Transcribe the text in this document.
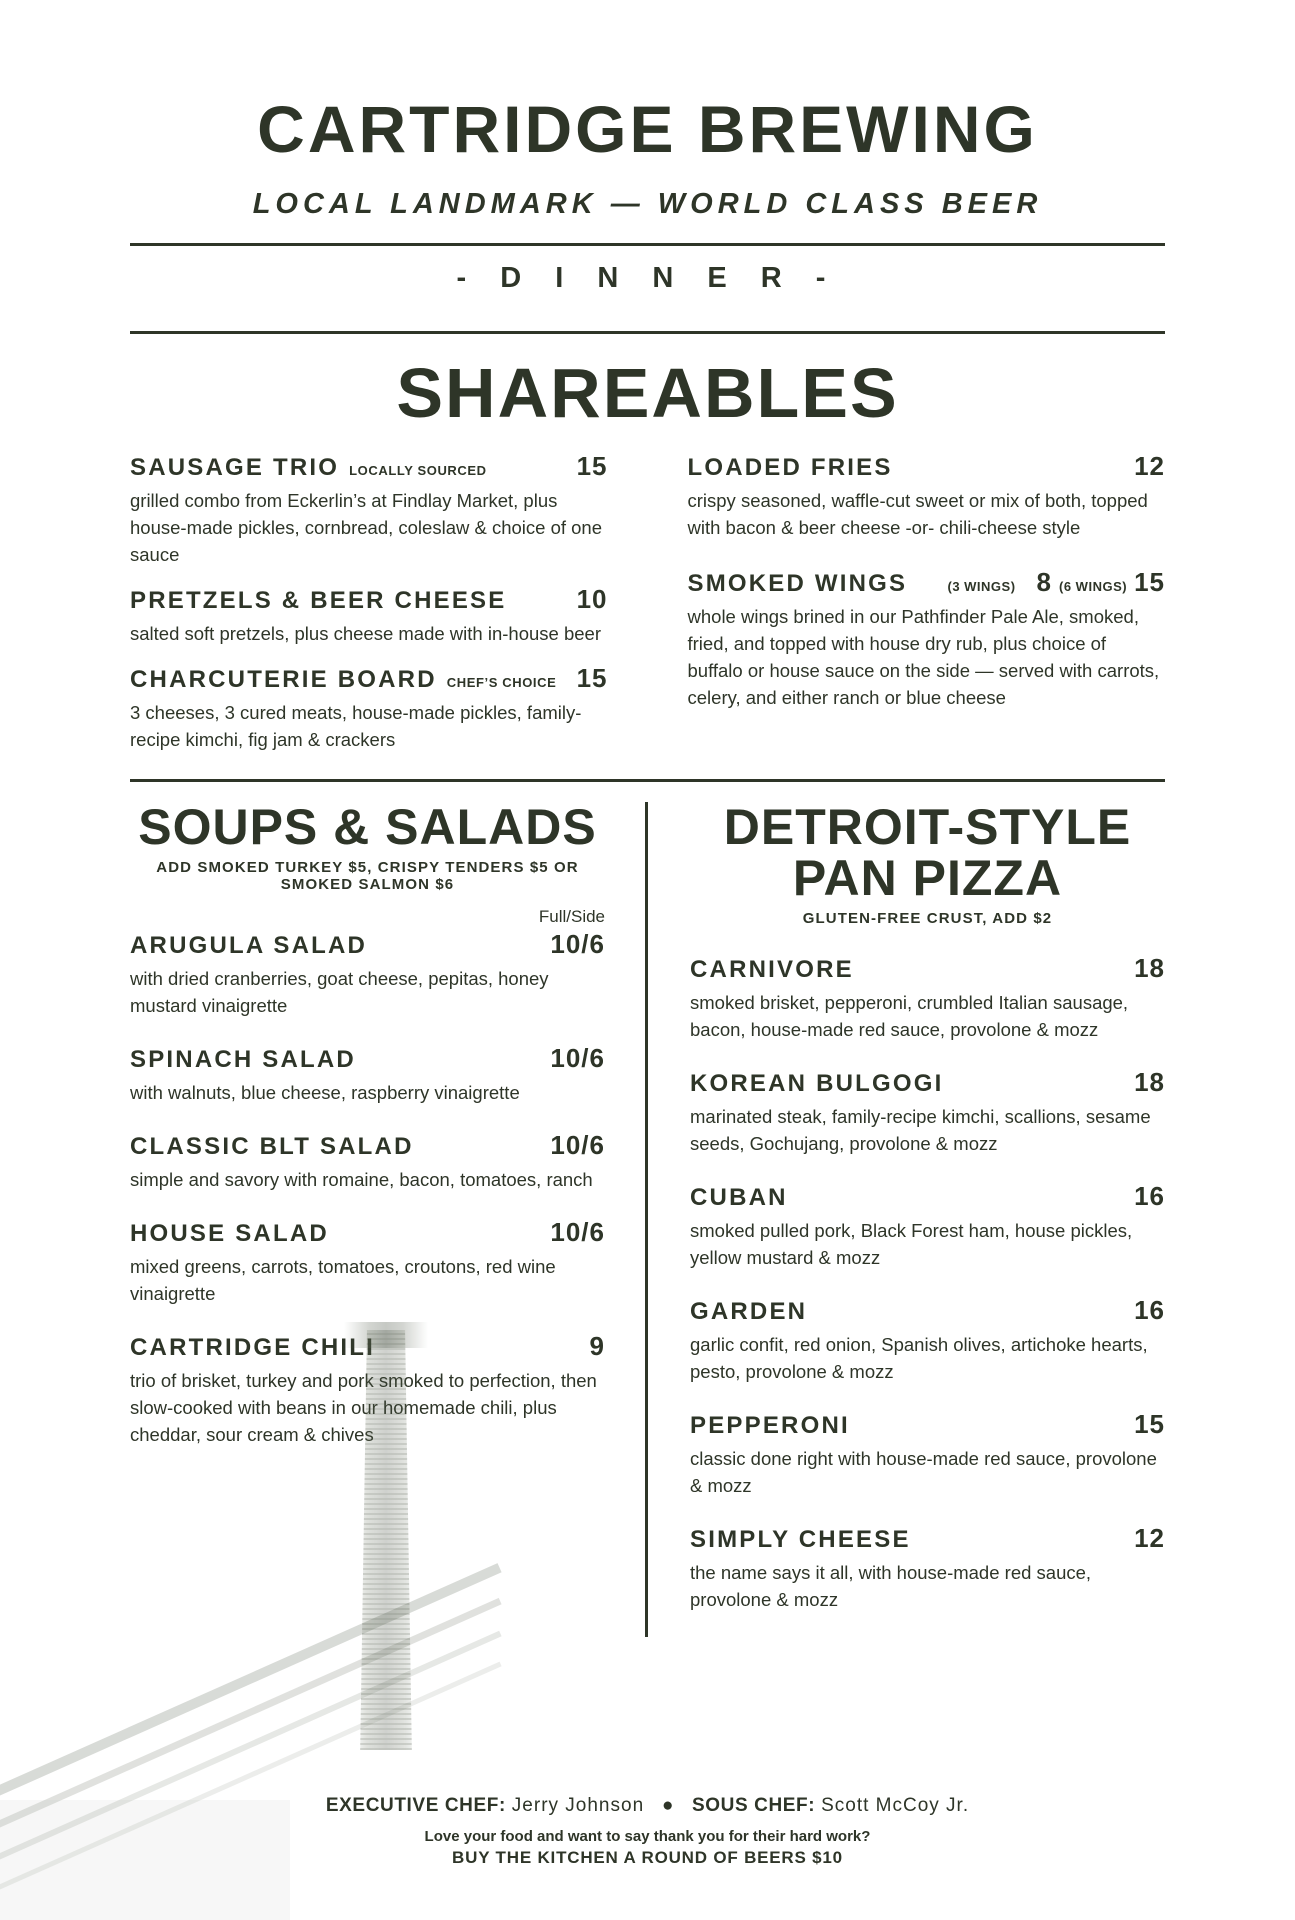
CARTRIDGE BREWING
LOCAL LANDMARK — WORLD CLASS BEER
- D I N N E R -
SHAREABLES
SAUSAGE TRIO LOCALLY SOURCED	15
grilled combo from Eckerlin’s at Findlay Market, plus house-made pickles, cornbread, coleslaw & choice of one sauce
PRETZELS & BEER CHEESE	10
salted soft pretzels, plus cheese made with in-house beer
CHARCUTERIE BOARD CHEF’S CHOICE 15
3 cheeses, 3 cured meats, house-made pickles, family-recipe kimchi, fig jam & crackers
LOADED FRIES	12
crispy seasoned, waffle-cut sweet or mix of both, topped with bacon & beer cheese -or- chili-cheese style
SMOKED WINGS	(3 WINGS) 8 (6 WINGS) 15
whole wings brined in our Pathfinder Pale Ale, smoked, fried, and topped with house dry rub, plus choice of buffalo or house sauce on the side — served with carrots, celery, and either ranch or blue cheese
SOUPS & SALADS
ADD SMOKED TURKEY $5, CRISPY TENDERS $5 OR SMOKED SALMON $6
Full/Side
ARUGULA SALAD	10/6
with dried cranberries, goat cheese, pepitas, honey mustard vinaigrette
SPINACH SALAD	10/6
with walnuts, blue cheese, raspberry vinaigrette
CLASSIC BLT SALAD	10/6
simple and savory with romaine, bacon, tomatoes, ranch
HOUSE SALAD	10/6
mixed greens, carrots, tomatoes, croutons, red wine vinaigrette
CARTRIDGE CHILI	9
trio of brisket, turkey and pork smoked to perfection, then slow-cooked with beans in our homemade chili, plus cheddar, sour cream & chives
DETROIT-STYLE
PAN PIZZA
GLUTEN-FREE CRUST, ADD $2
CARNIVORE	18
smoked brisket, pepperoni, crumbled Italian sausage, bacon, house-made red sauce, provolone & mozz
KOREAN BULGOGI	18
marinated steak, family-recipe kimchi, scallions, sesame seeds, Gochujang, provolone & mozz
CUBAN	16
smoked pulled pork, Black Forest ham, house pickles, yellow mustard & mozz
GARDEN	16
garlic confit, red onion, Spanish olives, artichoke hearts, pesto, provolone & mozz
PEPPERONI	15
classic done right with house-made red sauce, provolone & mozz
SIMPLY CHEESE	12
the name says it all, with house-made red sauce, provolone & mozz
EXECUTIVE CHEF: Jerry Johnson ● SOUS CHEF: Scott McCoy Jr.
Love your food and want to say thank you for their hard work?
BUY THE KITCHEN A ROUND OF BEERS $10
